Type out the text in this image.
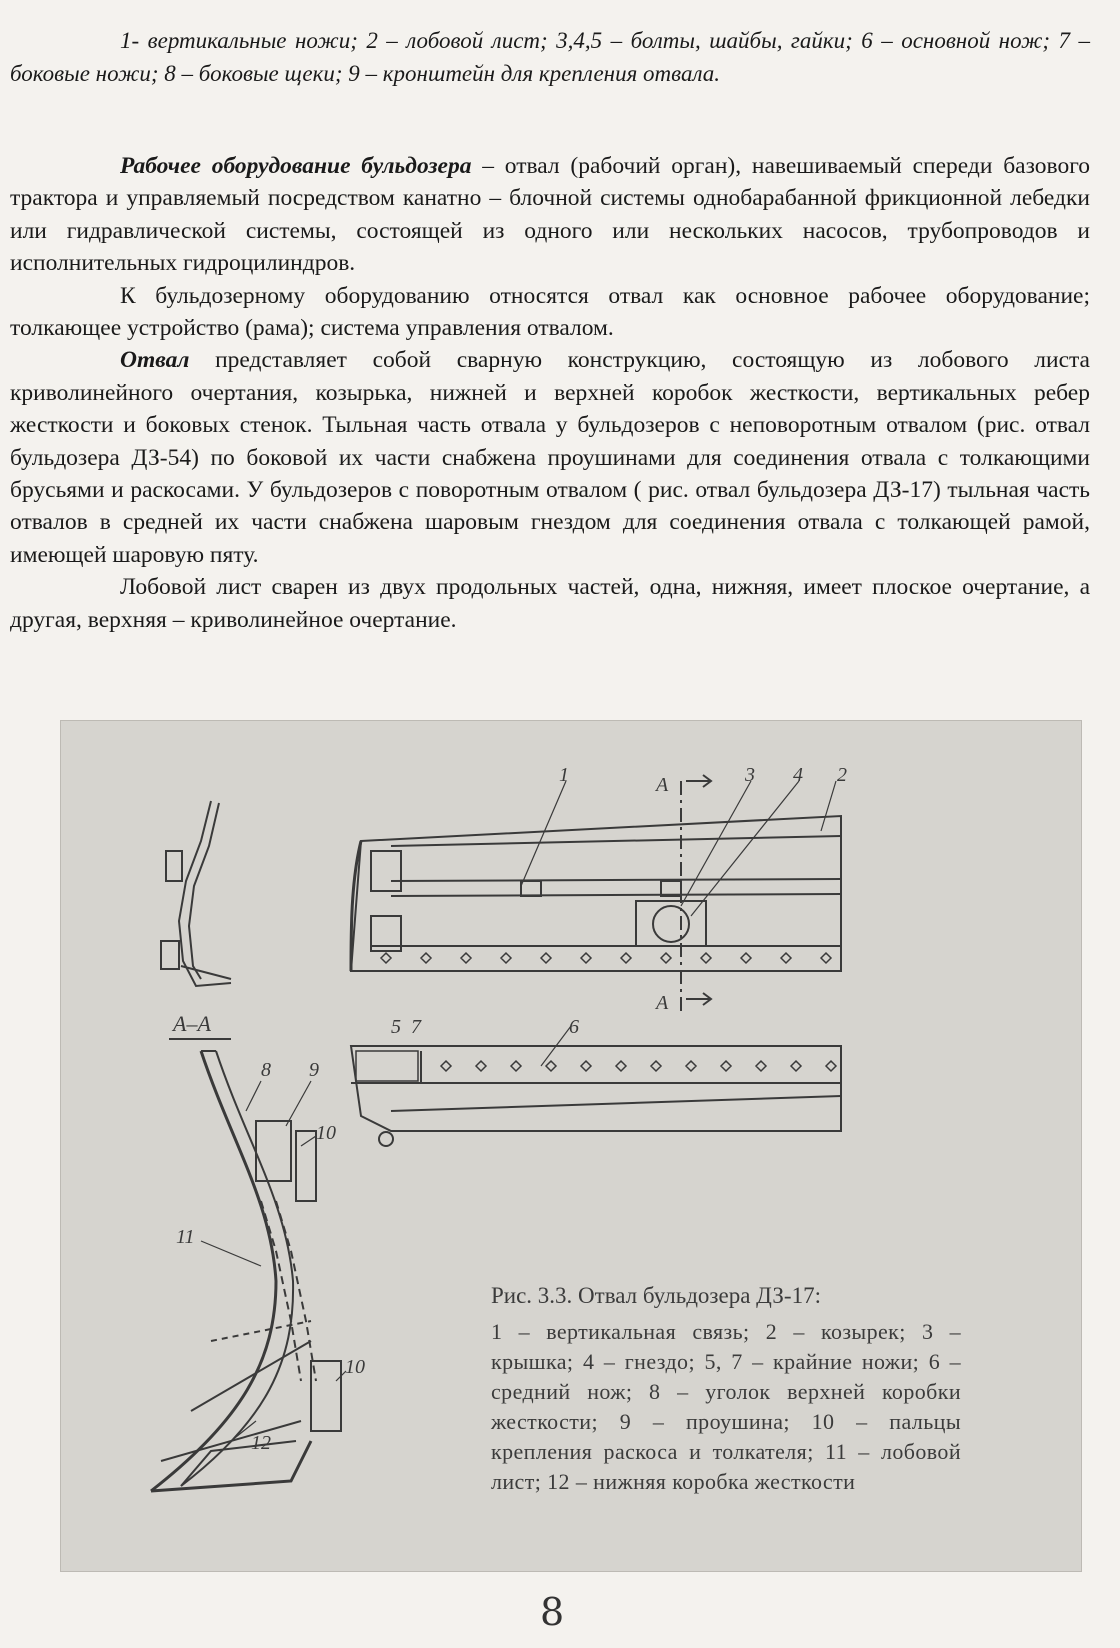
1- вертикальные ножи; 2 – лобовой лист; 3,4,5 – болты, шайбы, гайки; 6 – основной нож; 7 – боковые ножи; 8 – боковые щеки; 9 – кронштейн для крепления отвала.

Рабочее оборудование бульдозера – отвал (рабочий орган), навешиваемый спереди базового трактора и управляемый посредством канатно – блочной системы однобарабанной фрикционной лебедки или гидравлической системы, состоящей из одного или нескольких насосов, трубопроводов и исполнительных гидроцилиндров.

К бульдозерному оборудованию относятся отвал как основное рабочее оборудование; толкающее устройство (рама); система управления отвалом.

Отвал представляет собой сварную конструкцию, состоящую из лобового листа криволинейного очертания, козырька, нижней и верхней коробок жесткости, вертикальных ребер жесткости и боковых стенок. Тыльная часть отвала у бульдозеров с неповоротным отвалом (рис. отвал бульдозера ДЗ-54) по боковой их части снабжена проушинами для соединения отвала с толкающими брусьями и раскосами. У бульдозеров с поворотным отвалом ( рис. отвал бульдозера ДЗ-17) тыльная часть отвалов в средней их части снабжена шаровым гнездом для соединения отвала с толкающей рамой, имеющей шаровую пяту.

Лобовой лист сварен из двух продольных частей, одна, нижняя, имеет плоское очертание, а другая, верхняя – криволинейное очертание.

А–А
А
А
1	2
3 4
5	6
7
8 9
10
10
11
12
Рис. 3.3. Отвал бульдозера ДЗ-17:
1 – вертикальная связь; 2 – козырек; 3 – крышка; 4 – гнездо; 5, 7 – крайние ножи; 6 – средний нож; 8 – уголок верхней коробки жесткости; 9 – проушина; 10 – пальцы крепления раскоса и толкателя; 11 – лобовой лист; 12 – нижняя коробка жесткости
8
